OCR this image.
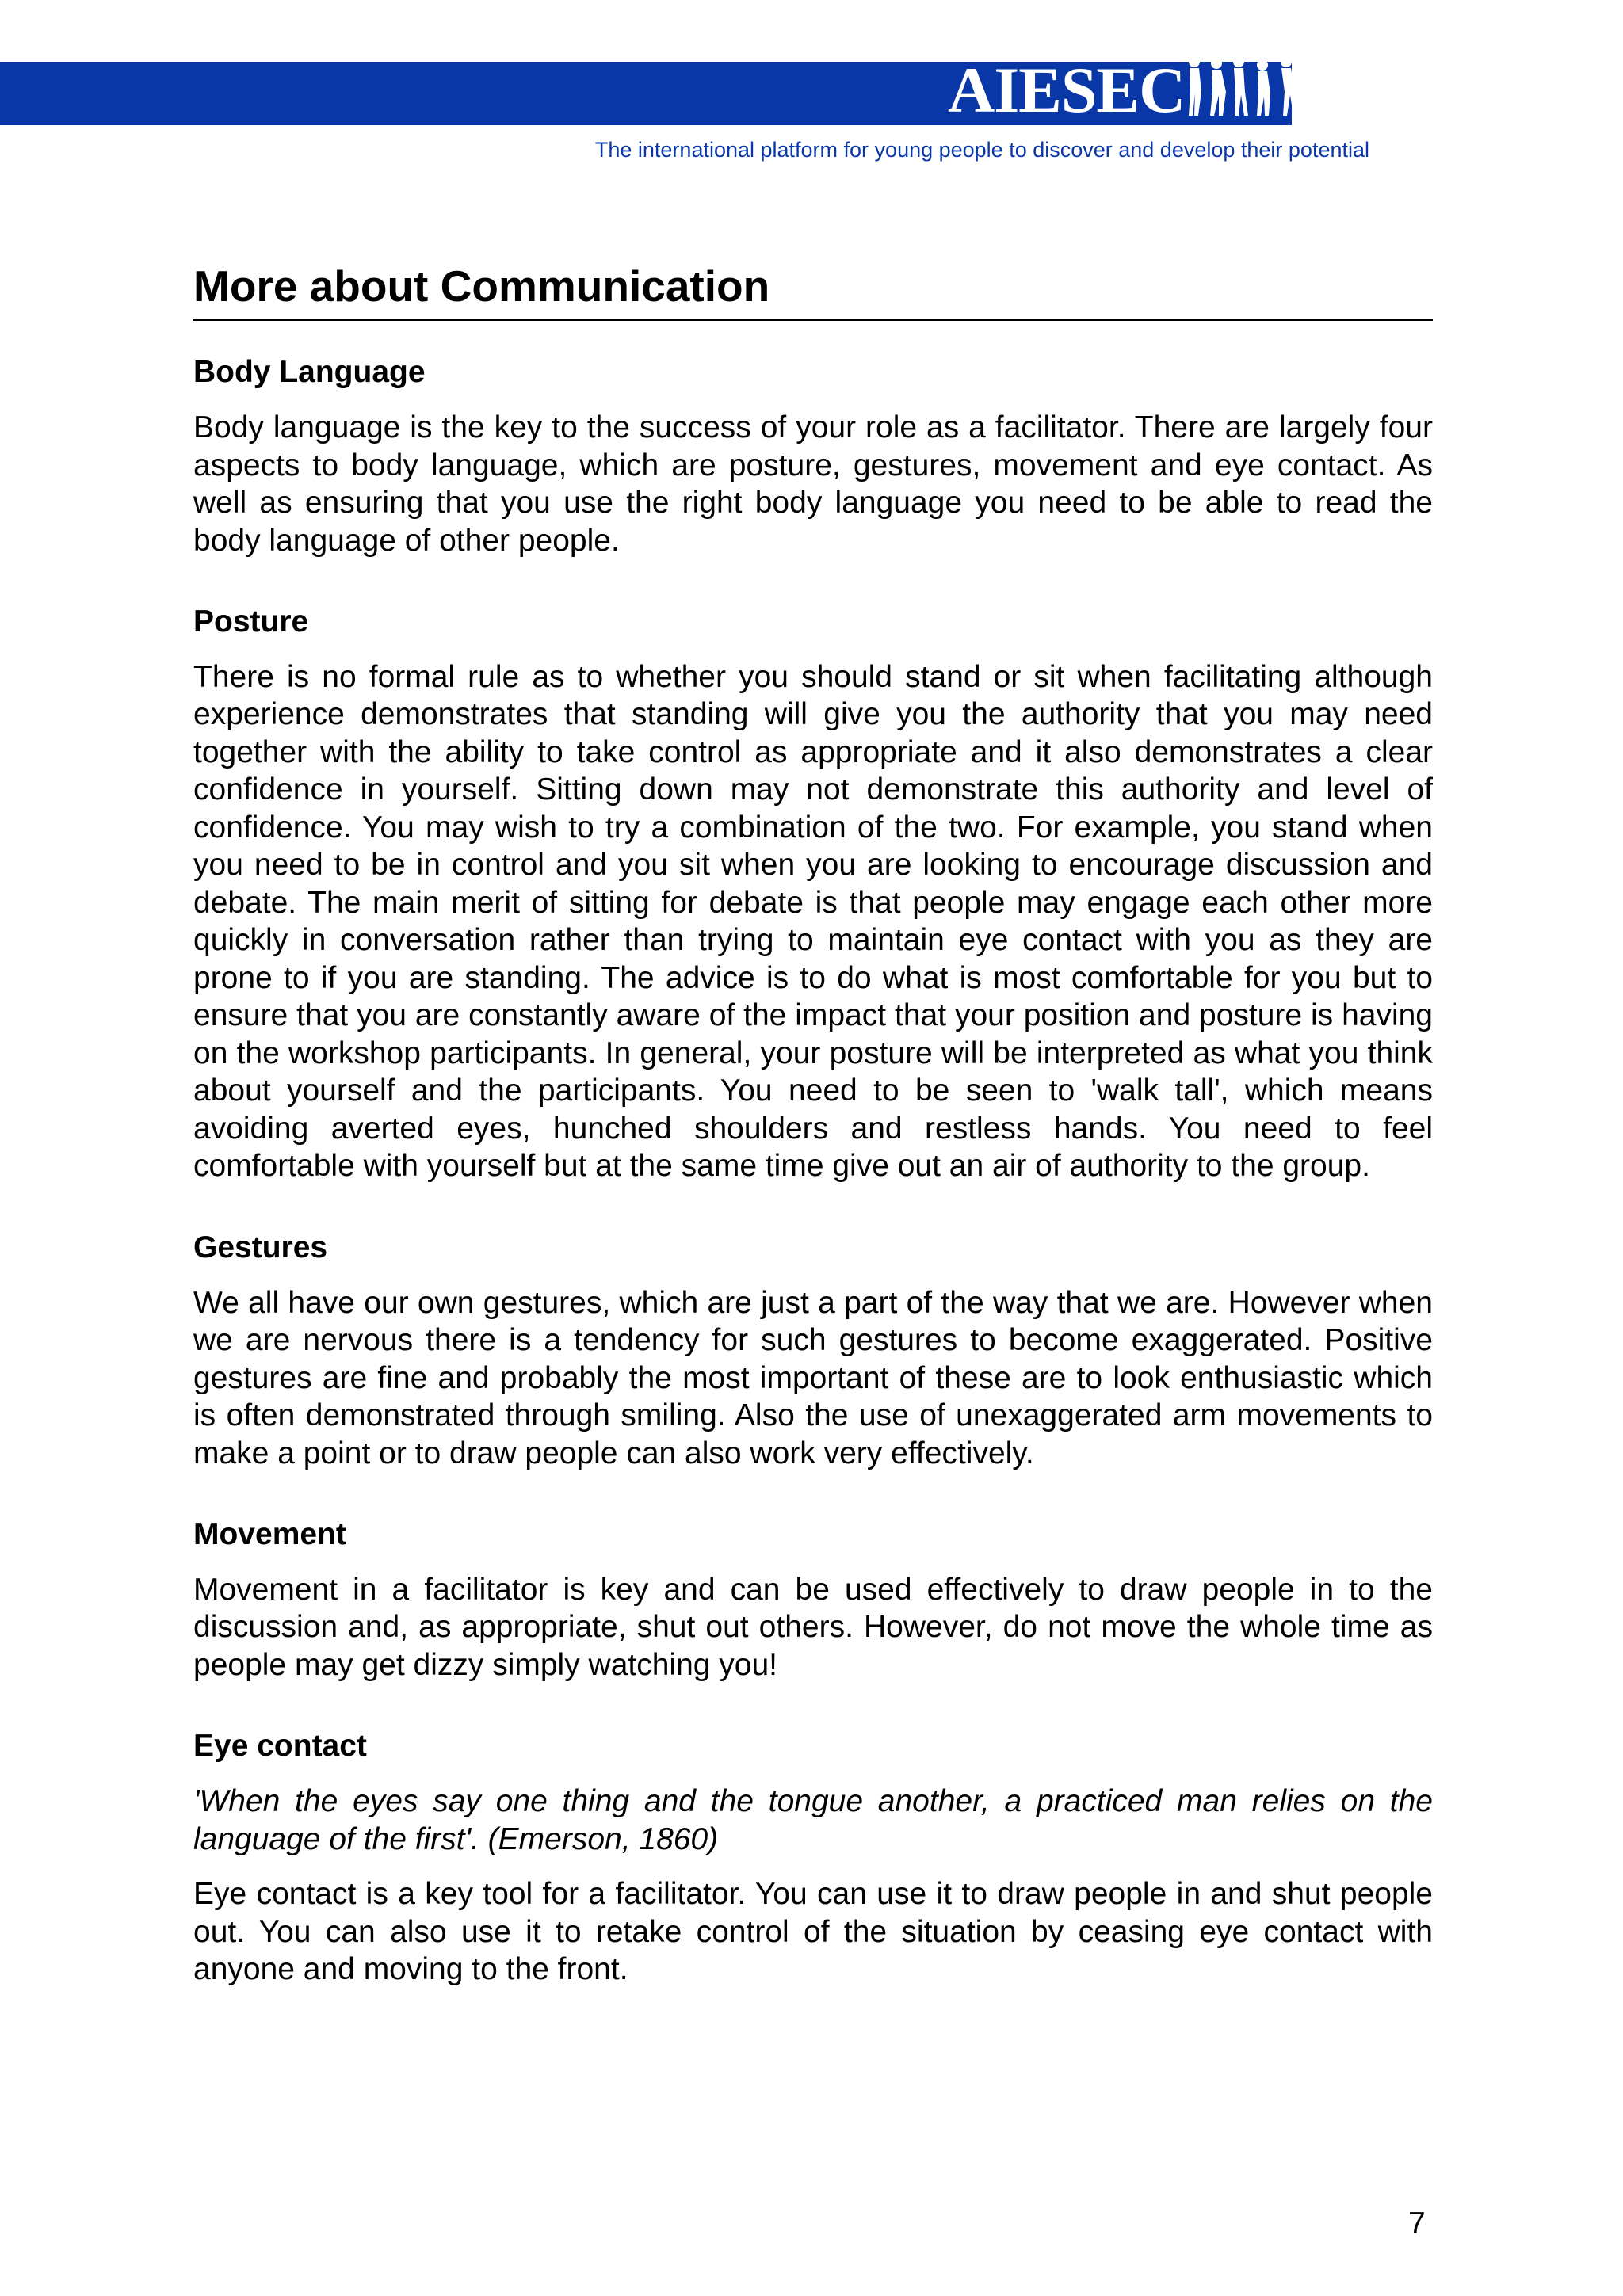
AIESEC
The international platform for young people to discover and develop their potential
More about Communication
Body Language

Body language is the key to the success of your role as a facilitator. There are largely four aspects to body language, which are posture, gestures, movement and eye contact. As well as ensuring that you use the right body language you need to be able to read the body language of other people.

Posture

There is no formal rule as to whether you should stand or sit when facilitating although experience demonstrates that standing will give you the authority that you may need together with the ability to take control as appropriate and it also demonstrates a clear confidence in yourself. Sitting down may not demonstrate this authority and level of confidence. You may wish to try a combination of the two. For example, you stand when you need to be in control and you sit when you are looking to encourage discussion and debate. The main merit of sitting for debate is that people may engage each other more quickly in conversation rather than trying to maintain eye contact with you as they are prone to if you are standing. The advice is to do what is most comfortable for you but to ensure that you are constantly aware of the impact that your position and posture is having on the workshop participants. In general, your posture will be interpreted as what you think about yourself and the participants. You need to be seen to 'walk tall', which means avoiding averted eyes, hunched shoulders and restless hands. You need to feel comfortable with yourself but at the same time give out an air of authority to the group.

Gestures

We all have our own gestures, which are just a part of the way that we are. However when we are nervous there is a tendency for such gestures to become exaggerated. Positive gestures are fine and probably the most important of these are to look enthusiastic which is often demonstrated through smiling. Also the use of unexaggerated arm movements to make a point or to draw people can also work very effectively.

Movement

Movement in a facilitator is key and can be used effectively to draw people in to the discussion and, as appropriate, shut out others. However, do not move the whole time as people may get dizzy simply watching you!

Eye contact

'When the eyes say one thing and the tongue another, a practiced man relies on the language of the first'. (Emerson, 1860)

Eye contact is a key tool for a facilitator. You can use it to draw people in and shut people out. You can also use it to retake control of the situation by ceasing eye contact with anyone and moving to the front.

7
